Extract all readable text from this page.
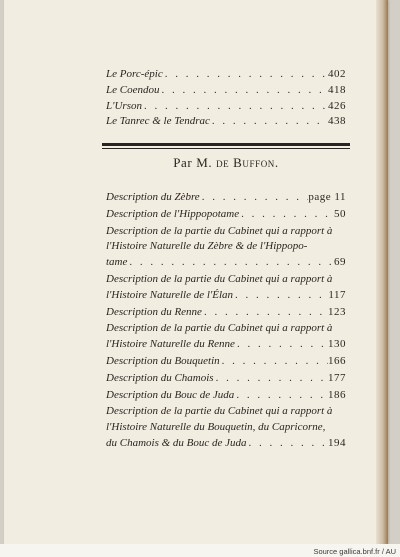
Le Porc-épic . . .	402
Le Coendou . . .	418
L'Urson . . .	426
Le Tanrec & le Tendrac . . .	438
Par M. de Buffon.
Description du Zèbre . . .	page 11
Description de l'Hippopotame . . .	50
Description de la partie du Cabinet qui a rapport à
l'Histoire Naturelle du Zèbre & de l'Hippopo-
tame . . .	69
Description de la partie du Cabinet qui a rapport à
l'Histoire Naturelle de l'Élan . . .	117
Description du Renne . . .	123
Description de la partie du Cabinet qui a rapport à
l'Histoire Naturelle du Renne . . .	130
Description du Bouquetin . . .	166
Description du Chamois . . .	177
Description du Bouc de Juda . . .	186
Description de la partie du Cabinet qui a rapport à
l'Histoire Naturelle du Bouquetin, du Capricorne,
du Chamois & du Bouc de Juda . . .	194
Source gallica.bnf.fr / AU
